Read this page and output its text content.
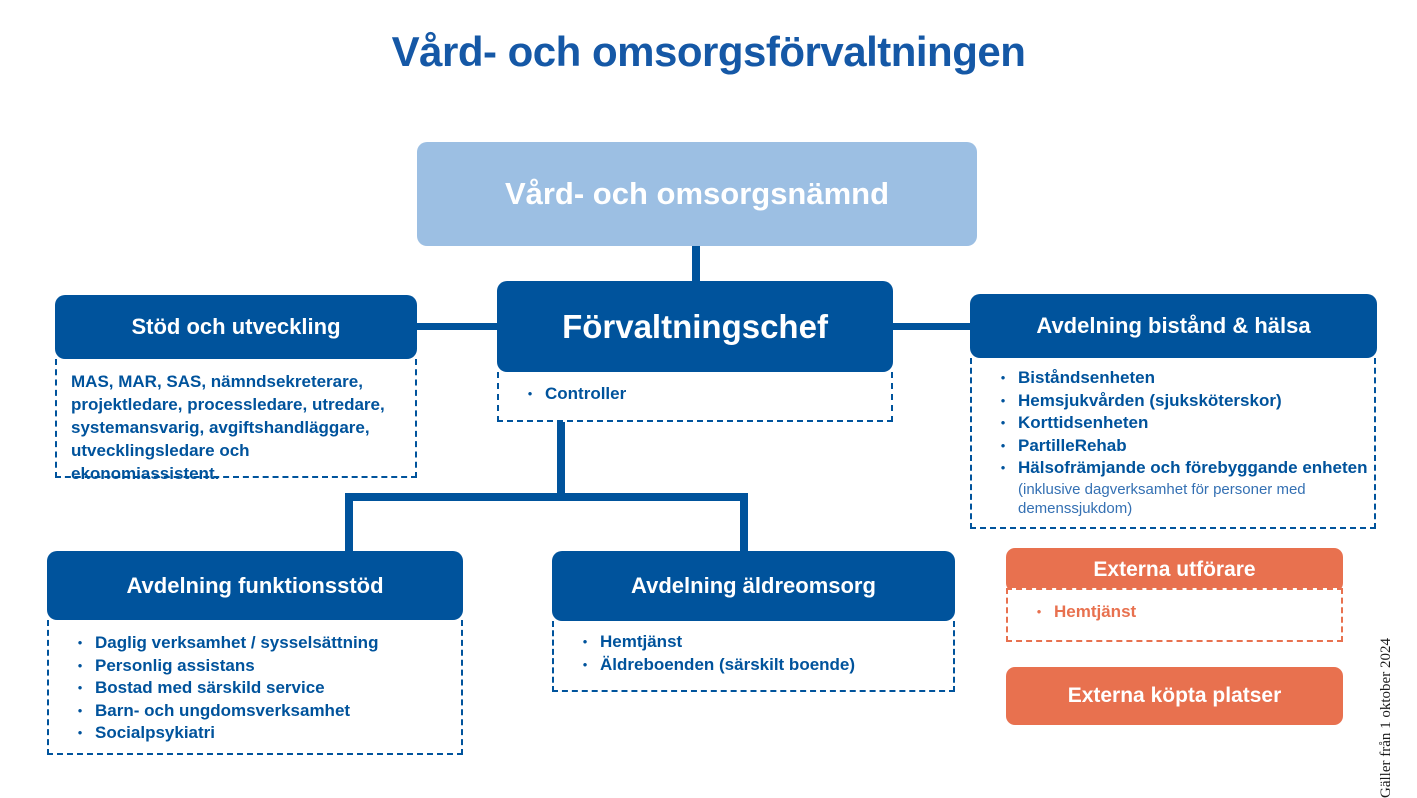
Vård- och omsorgsförvaltningen
Vård- och omsorgsnämnd
Förvaltningschef
• Controller
Stöd och utveckling
MAS, MAR, SAS, nämndsekreterare, projektledare, processledare, utredare, systemansvarig, avgiftshandläggare, utvecklingsledare och ekonomiassistent.
Avdelning bistånd & hälsa
• Biståndsenheten
• Hemsjukvården (sjuksköterskor)
• Korttidsenheten
• PartilleRehab
• Hälsofrämjande och förebyggande enheten
(inklusive dagverksamhet för personer med demenssjukdom)
Avdelning funktionsstöd
• Daglig verksamhet / sysselsättning
• Personlig assistans
• Bostad med särskild service
• Barn- och ungdomsverksamhet
• Socialpsykiatri
Avdelning äldreomsorg
• Hemtjänst
• Äldreboenden (särskilt boende)
Externa utförare
• Hemtjänst
Externa köpta platser	Gäller från 1 oktober 2024
